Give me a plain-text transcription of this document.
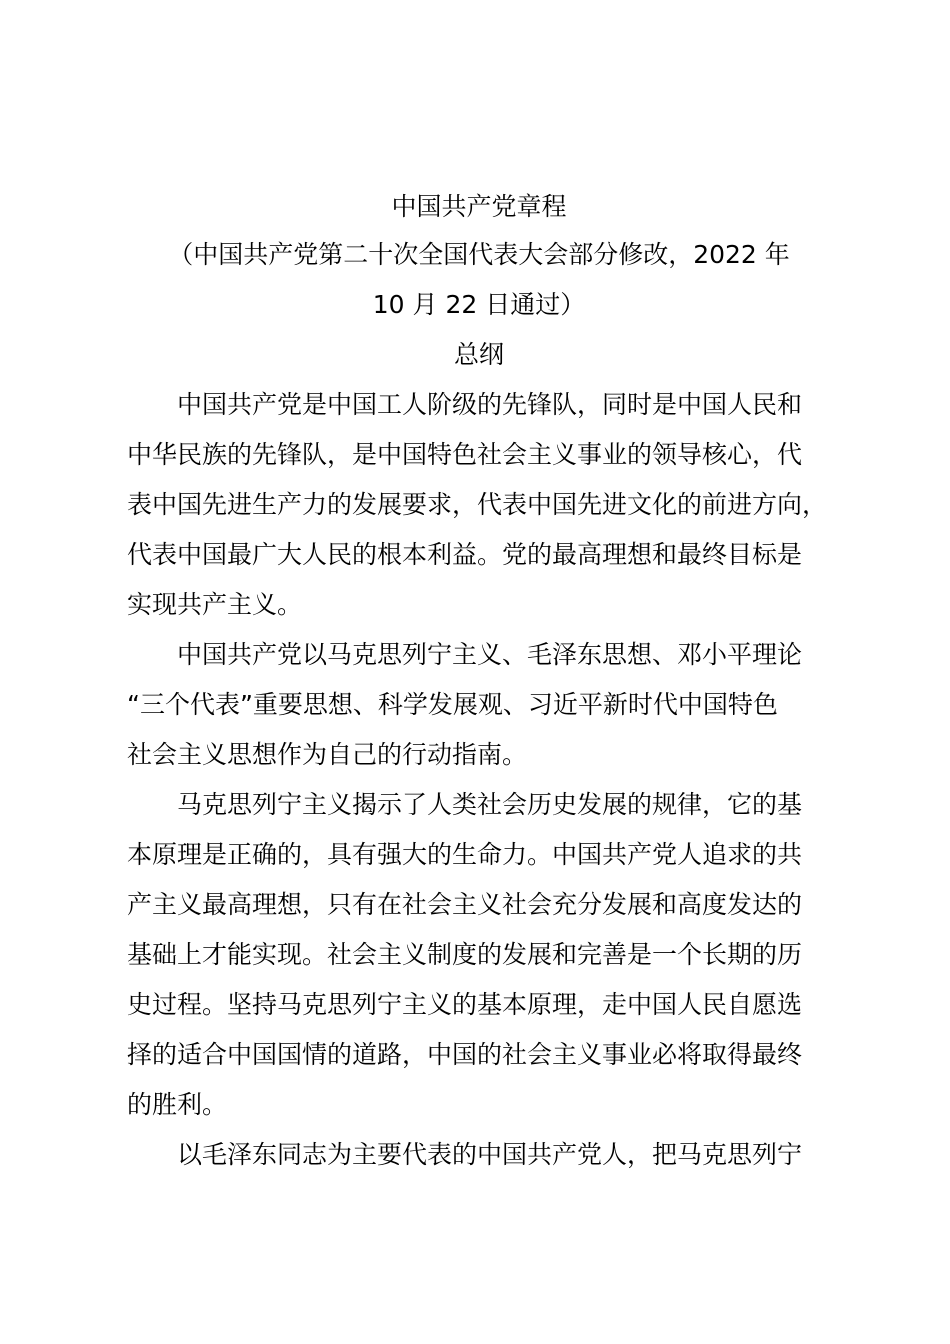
中国共产党章程
（中国共产党第二十次全国代表大会部分修改，2022 年
10 月 22 日通过）
总纲
中国共产党是中国工人阶级的先锋队，同时是中国人民和
中华民族的先锋队，是中国特色社会主义事业的领导核心，代
表中国先进生产力的发展要求，代表中国先进文化的前进方向，
代表中国最广大人民的根本利益。党的最高理想和最终目标是
实现共产主义。
中国共产党以马克思列宁主义、毛泽东思想、邓小平理论
“三个代表”重要思想、科学发展观、习近平新时代中国特色
社会主义思想作为自己的行动指南。
马克思列宁主义揭示了人类社会历史发展的规律，它的基
本原理是正确的，具有强大的生命力。中国共产党人追求的共
产主义最高理想，只有在社会主义社会充分发展和高度发达的
基础上才能实现。社会主义制度的发展和完善是一个长期的历
史过程。坚持马克思列宁主义的基本原理，走中国人民自愿选
择的适合中国国情的道路，中国的社会主义事业必将取得最终
的胜利。
以毛泽东同志为主要代表的中国共产党人，把马克思列宁
